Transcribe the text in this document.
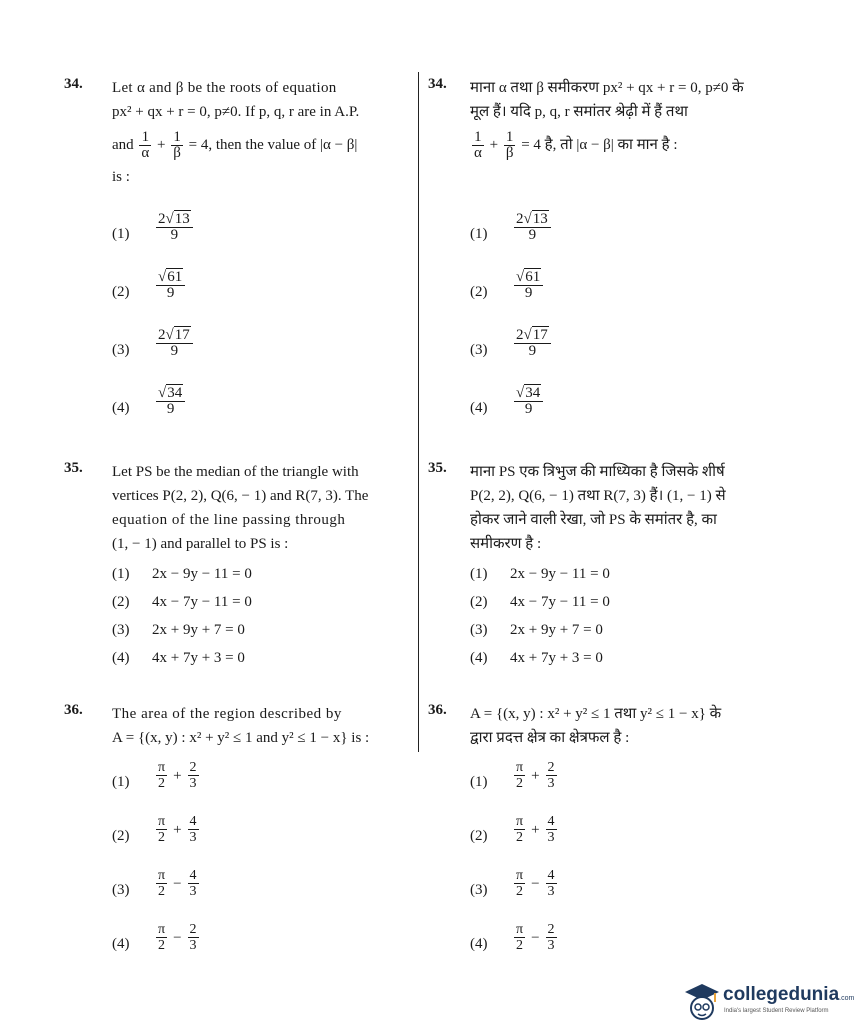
34. Let α and β be the roots of equation
px² + qx + r = 0, p≠0. If p, q, r are in A.P.
and $\frac{1}{\alpha} + \frac{1}{\beta} = 4$, then the value of |α − β|
is :
$(1) \frac{2√13}{9}$
$(2) \frac{√61}{9}$
$(3) \frac{2√17}{9}$
$(4) \frac{√34}{9}$
34. माना α तथा β समीकरण px² + qx + r = 0, p≠0 के
मूल हैं। यदि p, q, r समांतर श्रेढ़ी में हैं तथा
$\frac{1}{\alpha} + \frac{1}{\beta} = 4$ है, तो |α − β| का मान है :
$(1) \frac{2√13}{9}$
$(2) \frac{√61}{9}$
$(3) \frac{2√17}{9}$
$(4) \frac{√34}{9}$
35. Let PS be the median of the triangle with
vertices P(2, 2), Q(6, − 1) and R(7, 3). The
equation of the line passing through
(1, − 1) and parallel to PS is :
(1) 2x − 9y − 11 = 0
(2) 4x − 7y − 11 = 0
(3) 2x + 9y + 7 = 0
(4) 4x + 7y + 3 = 0
35. माना PS एक त्रिभुज की माध्यिका है जिसके शीर्ष
P(2, 2), Q(6, − 1) तथा R(7, 3) हैं। (1, − 1) से
होकर जाने वाली रेखा, जो PS के समांतर है, का
समीकरण है :
(1) 2x − 9y − 11 = 0
(2) 4x − 7y − 11 = 0
(3) 2x + 9y + 7 = 0
(4) 4x + 7y + 3 = 0
36. The area of the region described by
A = {(x, y) : x² + y² ≤ 1 and y² ≤ 1 − x} is :
$(1) \frac{\pi}{2} + \frac{2}{3}$
$(2) \frac{\pi}{2} + \frac{4}{3}$
$(3) \frac{\pi}{2} - \frac{4}{3}$
$(4) \frac{\pi}{2} - \frac{2}{3}$
36. A = {(x, y) : x² + y² ≤ 1 तथा y² ≤ 1 − x} के
द्वारा प्रदत्त क्षेत्र का क्षेत्रफल है :
$(1) \frac{\pi}{2} + \frac{2}{3}$
$(2) \frac{\pi}{2} + \frac{4}{3}$
$(3) \frac{\pi}{2} - \frac{4}{3}$
$(4) \frac{\pi}{2} - \frac{2}{3}$
collegedunia.com
India's largest Student Review Platform
